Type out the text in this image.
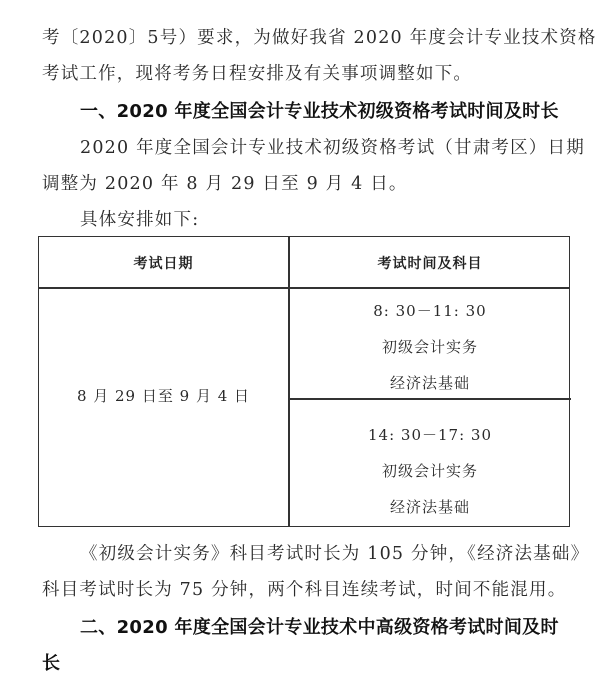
考〔2020〕5号）要求，为做好我省 2020 年度会计专业技术资格
考试工作，现将考务日程安排及有关事项调整如下。
一、2020 年度全国会计专业技术初级资格考试时间及时长
2020 年度全国会计专业技术初级资格考试（甘肃考区）日期
调整为 2020 年 8 月 29 日至 9 月 4 日。
具体安排如下:
考试日期	考试时间及科目
8 月 29 日至 9 月 4 日
8: 30－11: 30
初级会计实务
经济法基础
14: 30－17: 30
初级会计实务
经济法基础
《初级会计实务》科目考试时长为 105 分钟，《经济法基础》
科目考试时长为 75 分钟，两个科目连续考试，时间不能混用。
二、2020 年度全国会计专业技术中高级资格考试时间及时
长
